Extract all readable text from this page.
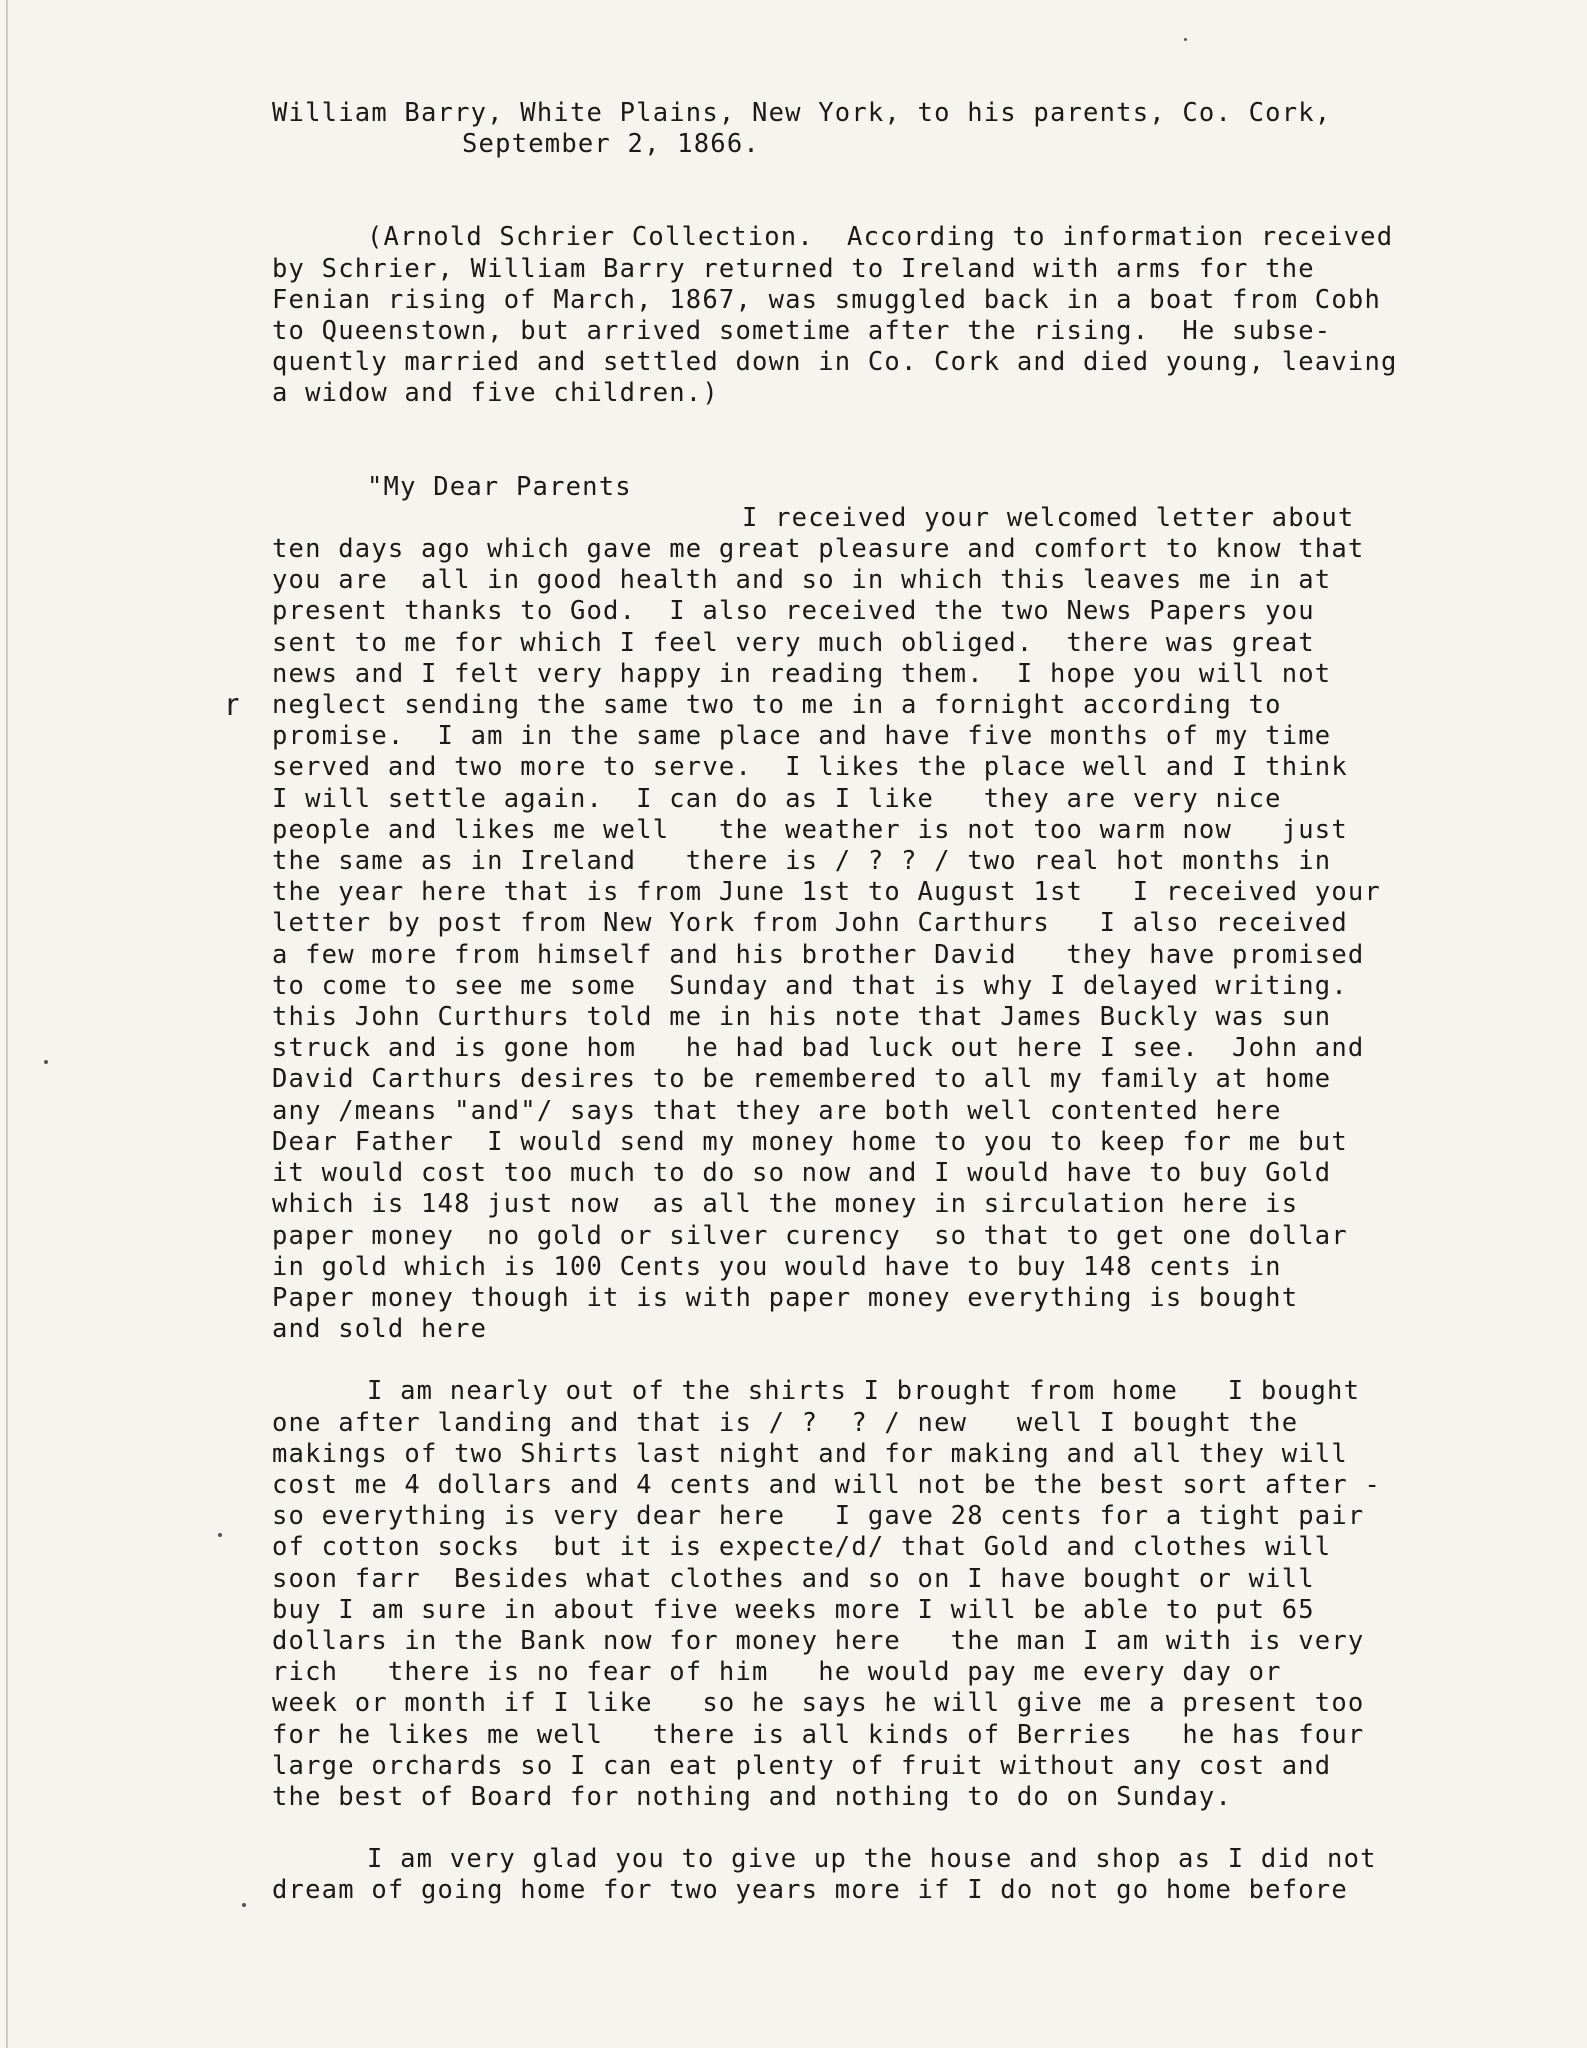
r

William Barry, White Plains, New York, to his parents, Co. Cork,

September 2, 1866.

(Arnold Schrier Collection.  According to information received

by Schrier, William Barry returned to Ireland with arms for the

Fenian rising of March, 1867, was smuggled back in a boat from Cobh

to Queenstown, but arrived sometime after the rising.  He subse-

quently married and settled down in Co. Cork and died young, leaving

a widow and five children.)

"My Dear Parents

I received your welcomed letter about

ten days ago which gave me great pleasure and comfort to know that

you are  all in good health and so in which this leaves me in at

present thanks to God.  I also received the two News Papers you

sent to me for which I feel very much obliged.  there was great

news and I felt very happy in reading them.  I hope you will not

neglect sending the same two to me in a fornight according to

promise.  I am in the same place and have five months of my time

served and two more to serve.  I likes the place well and I think

I will settle again.  I can do as I like   they are very nice

people and likes me well   the weather is not too warm now   just

the same as in Ireland   there is / ? ? / two real hot months in

the year here that is from June 1st to August 1st   I received your

letter by post from New York from John Carthurs   I also received

a few more from himself and his brother David   they have promised

to come to see me some  Sunday and that is why I delayed writing.

this John Curthurs told me in his note that James Buckly was sun

struck and is gone hom   he had bad luck out here I see.  John and

David Carthurs desires to be remembered to all my family at home

any /means "and"/ says that they are both well contented here

Dear Father  I would send my money home to you to keep for me but

it would cost too much to do so now and I would have to buy Gold

which is 148 just now  as all the money in sirculation here is

paper money  no gold or silver curency  so that to get one dollar

in gold which is 100 Cents you would have to buy 148 cents in

Paper money though it is with paper money everything is bought

and sold here

I am nearly out of the shirts I brought from home   I bought

one after landing and that is / ?  ? / new   well I bought the

makings of two Shirts last night and for making and all they will

cost me 4 dollars and 4 cents and will not be the best sort after -

so everything is very dear here   I gave 28 cents for a tight pair

of cotton socks  but it is expecte/d/ that Gold and clothes will

soon farr  Besides what clothes and so on I have bought or will

buy I am sure in about five weeks more I will be able to put 65

dollars in the Bank now for money here   the man I am with is very

rich   there is no fear of him   he would pay me every day or

week or month if I like   so he says he will give me a present too

for he likes me well   there is all kinds of Berries   he has four

large orchards so I can eat plenty of fruit without any cost and

the best of Board for nothing and nothing to do on Sunday.

I am very glad you to give up the house and shop as I did not

dream of going home for two years more if I do not go home before
